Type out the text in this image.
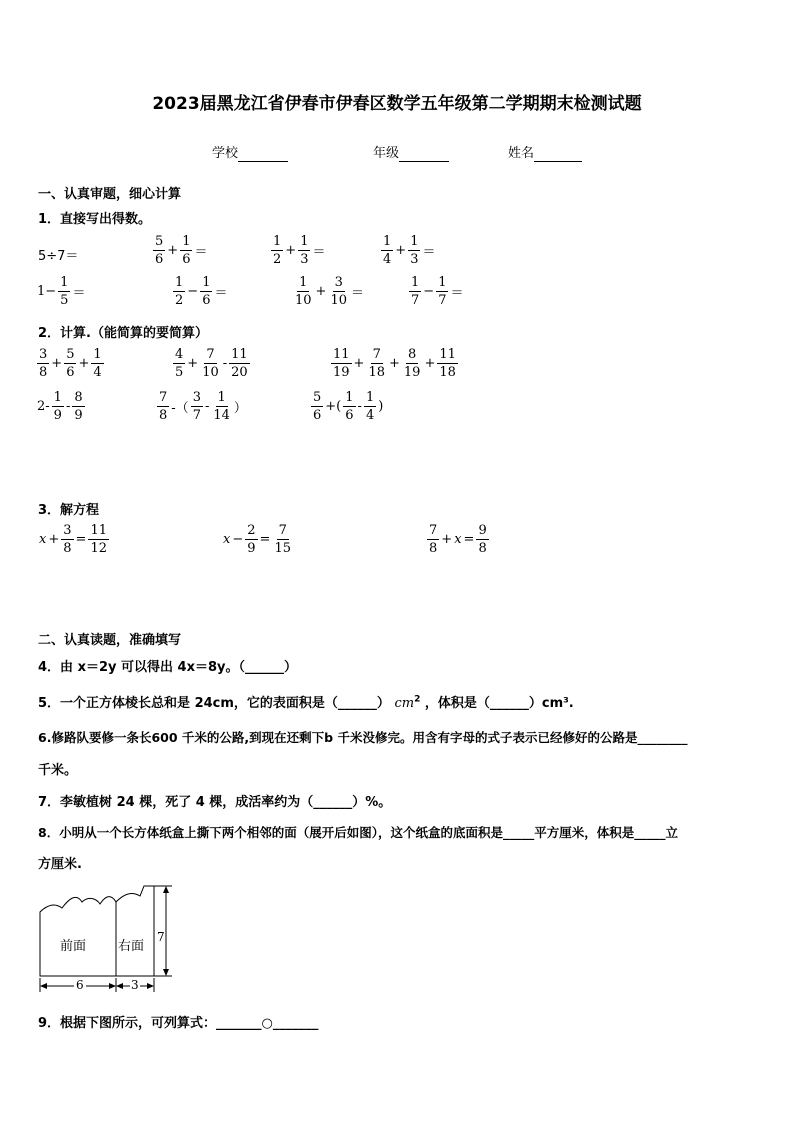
2023届黑龙江省伊春市伊春区数学五年级第二学期期末检测试题
学校	年级	姓名
一、认真审题，细心计算
1．直接写出得数。
5÷7＝	$\frac{5}{6} + \frac{1}{6}$ ＝	$\frac{1}{2} + \frac{1}{3}$ ＝	$\frac{1}{4} + \frac{1}{3}$ ＝
$1- \frac{1}{5}$ ＝	$\frac{1}{2} - \frac{1}{6}$ ＝	$\frac{1}{10} + \frac{3}{10}$ ＝	$\frac{1}{7} - \frac{1}{7}$ ＝
2．计算.（能简算的要简算）
$\frac{3}{8} + \frac{5}{6} + \frac{1}{4}$	$\frac{4}{5} + \frac{7}{10} - \frac{11}{20}$	$\frac{11}{19} + \frac{7}{18} + \frac{8}{19} + \frac{11}{18}$
$2- \frac{1}{9} - \frac{8}{9}$	$\frac{7}{8}$ -（ $\frac{3}{7} - \frac{1}{14}$ ）	$\frac{5}{6}$ +( $\frac{1}{6} - \frac{1}{4}$ )
3．解方程
$x + \frac{3}{8} = \frac{11}{12}$	$x - \frac{2}{9} = \frac{7}{15}$	$\frac{7}{8} + x = \frac{9}{8}$
二、认真读题，准确填写
4．由 x＝2y 可以得出 4x＝8y。（______）
5．一个正方体棱长总和是 24cm，它的表面积是（______） $cm^2$ ，体积是（______）cm³.
6.修路队要修一条长600 千米的公路,到现在还剩下b 千米没修完。用含有字母的式子表示已经修好的公路是________
千米。
7．李敏植树 24 棵，死了 4 棵，成活率约为（______）%。
8．小明从一个长方体纸盒上撕下两个相邻的面（展开后如图），这个纸盒的底面积是_____平方厘米，体积是_____立
方厘米.
前面 右面
7
6	3
9．根据下图所示，可列算式：_______○_______
